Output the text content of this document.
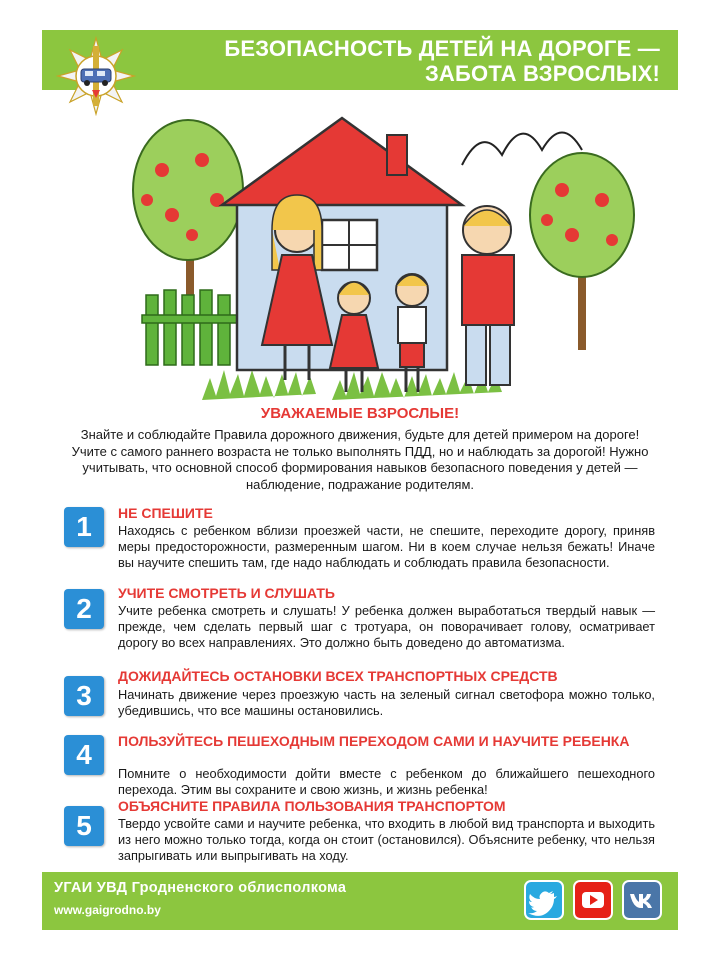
БЕЗОПАСНОСТЬ ДЕТЕЙ НА ДОРОГЕ —
ЗАБОТА ВЗРОСЛЫХ!
УВАЖАЕМЫЕ ВЗРОСЛЫЕ!
Знайте и соблюдайте Правила дорожного движения, будьте для детей примером на дороге! Учите с самого раннего возраста не только выполнять ПДД, но и наблюдать за дорогой! Нужно учитывать, что основной способ формирования навыков безопасного поведения у детей — наблюдение, подражание родителям.
1	НЕ СПЕШИТЕ
Находясь с ребенком вблизи проезжей части, не спешите, переходите дорогу, приняв меры предосторожности, размеренным шагом. Ни в коем случае нельзя бежать! Иначе вы научите спешить там, где надо наблюдать и соблюдать правила безопасности.
2	УЧИТЕ СМОТРЕТЬ И СЛУШАТЬ
Учите ребенка смотреть и слушать! У ребенка должен выработаться твердый навык — прежде, чем сделать первый шаг с тротуара, он поворачивает голову, осматривает дорогу во всех направлениях. Это должно быть доведено до автоматизма.
3
ДОЖИДАЙТЕСЬ ОСТАНОВКИ ВСЕХ ТРАНСПОРТНЫХ СРЕДСТВ
Начинать движение через проезжую часть на зеленый сигнал светофора можно только, убедившись, что все машины остановились.
4	ПОЛЬЗУЙТЕСЬ ПЕШЕХОДНЫМ ПЕРЕХОДОМ САМИ И НАУЧИТЕ РЕБЕНКА
Помните о необходимости дойти вместе с ребенком до ближайшего пешеходного перехода. Этим вы сохраните и свою жизнь, и жизнь ребенка!
5
ОБЪЯСНИТЕ ПРАВИЛА ПОЛЬЗОВАНИЯ ТРАНСПОРТОМ
Твердо усвойте сами и научите ребенка, что входить в любой вид транспорта и выходить из него можно только тогда, когда он стоит (остановился). Объясните ребенку, что нельзя запрыгивать или выпрыгивать на ходу.
УГАИ УВД Гродненского облисполкома
www.gaigrodno.by
